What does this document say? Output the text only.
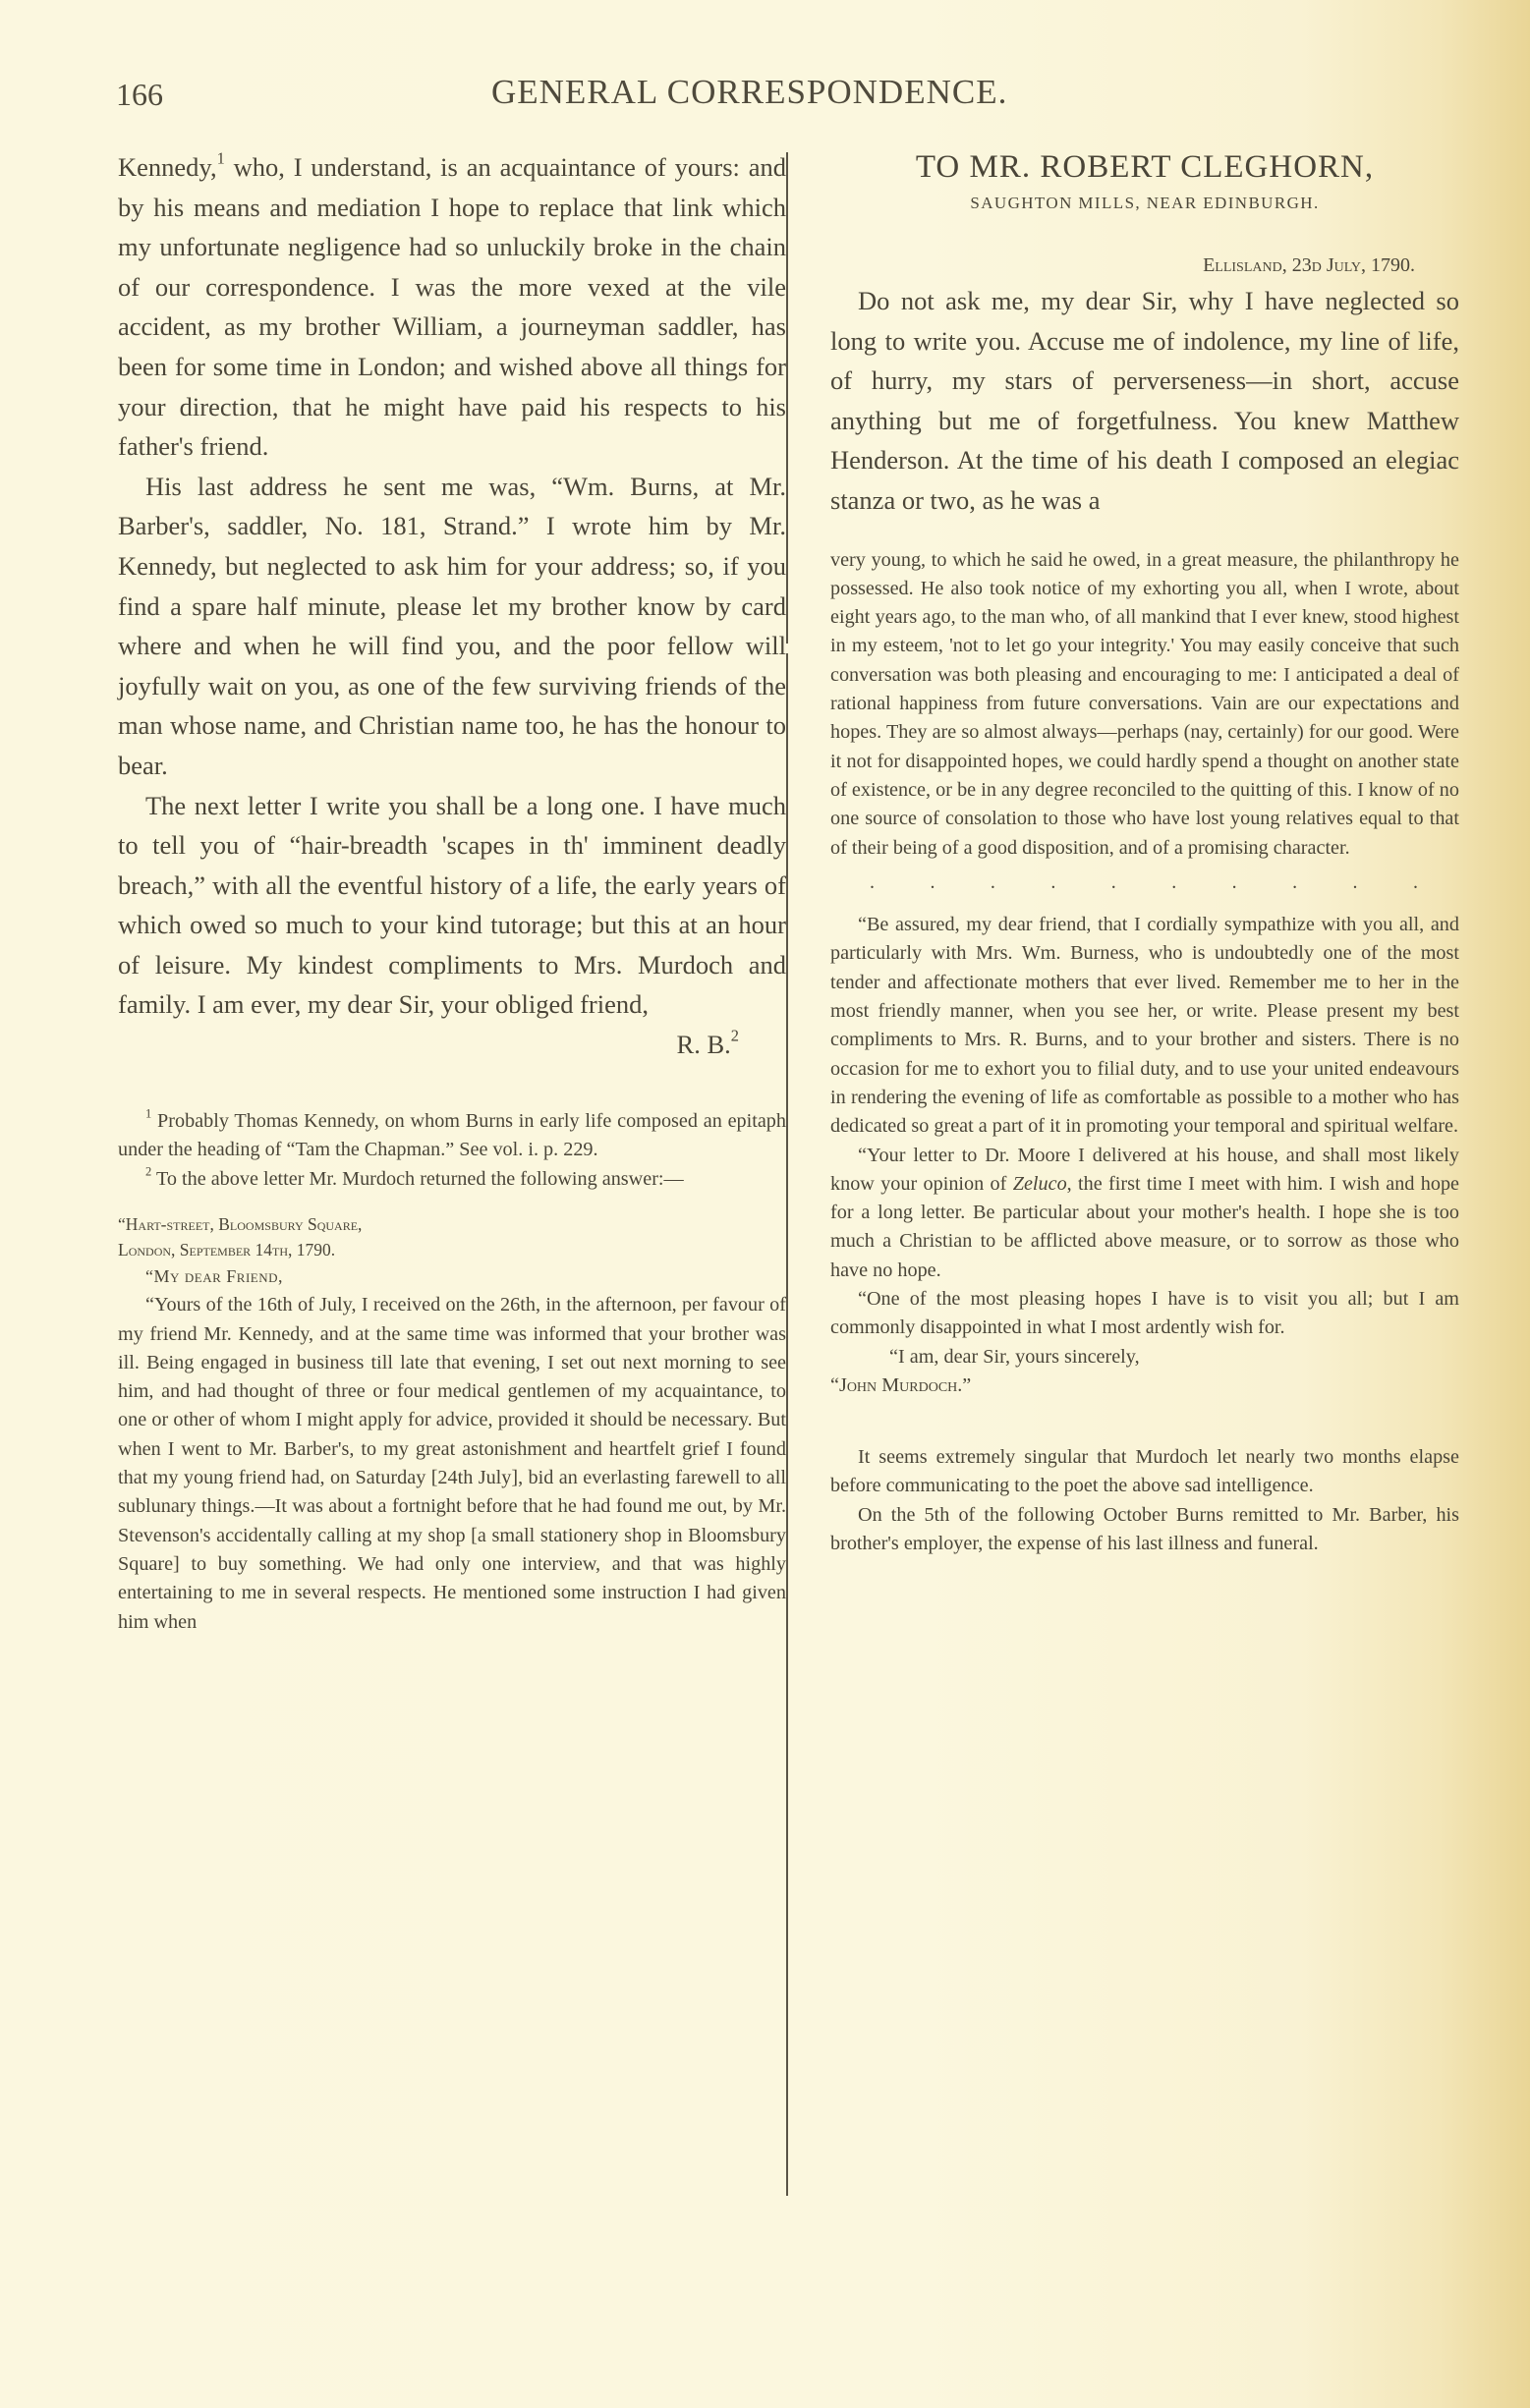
166	GENERAL CORRESPONDENCE.

Kennedy,$^1$ who, I understand, is an acquaintance of yours: and by his means and mediation I hope to replace that link which my unfortunate negligence had so unluckily broke in the chain of our correspondence. I was the more vexed at the vile accident, as my brother William, a journeyman saddler, has been for some time in London; and wished above all things for your direction, that he might have paid his respects to his father's friend.

His last address he sent me was, “Wm. Burns, at Mr. Barber's, saddler, No. 181, Strand.” I wrote him by Mr. Kennedy, but neglected to ask him for your address; so, if you find a spare half minute, please let my brother know by card where and when he will find you, and the poor fellow will joyfully wait on you, as one of the few surviving friends of the man whose name, and Christian name too, he has the honour to bear.

The next letter I write you shall be a long one. I have much to tell you of “hair-breadth 'scapes in th' imminent deadly breach,” with all the eventful history of a life, the early years of which owed so much to your kind tutorage; but this at an hour of leisure. My kindest compliments to Mrs. Murdoch and family. I am ever, my dear Sir, your obliged friend,

R. B.$^2$

$^1$ Probably Thomas Kennedy, on whom Burns in early life composed an epitaph under the heading of “Tam the Chapman.” See vol. i. p. 229.

$^2$ To the above letter Mr. Murdoch returned the following answer:—

“Hart-street, Bloomsbury Square,

London, September 14th, 1790.

“My dear Friend,

“Yours of the 16th of July, I received on the 26th, in the afternoon, per favour of my friend Mr. Kennedy, and at the same time was informed that your brother was ill. Being engaged in business till late that evening, I set out next morning to see him, and had thought of three or four medical gentlemen of my acquaintance, to one or other of whom I might apply for advice, provided it should be necessary. But when I went to Mr. Barber's, to my great astonishment and heartfelt grief I found that my young friend had, on Saturday [24th July], bid an everlasting farewell to all sublunary things.—It was about a fortnight before that he had found me out, by Mr. Stevenson's accidentally calling at my shop [a small stationery shop in Bloomsbury Square] to buy something. We had only one interview, and that was highly entertaining to me in several respects. He mentioned some instruction I had given him when

TO MR. ROBERT CLEGHORN,
SAUGHTON MILLS, NEAR EDINBURGH.
Ellisland, 23d July, 1790.

Do not ask me, my dear Sir, why I have neglected so long to write you. Accuse me of indolence, my line of life, of hurry, my stars of perverseness—in short, accuse anything but me of forgetfulness. You knew Matthew Henderson. At the time of his death I composed an elegiac stanza or two, as he was a

very young, to which he said he owed, in a great measure, the philanthropy he possessed. He also took notice of my exhorting you all, when I wrote, about eight years ago, to the man who, of all mankind that I ever knew, stood highest in my esteem, 'not to let go your integrity.' You may easily conceive that such conversation was both pleasing and encouraging to me: I anticipated a deal of rational happiness from future conversations. Vain are our expectations and hopes. They are so almost always—perhaps (nay, certainly) for our good. Were it not for disappointed hopes, we could hardly spend a thought on another state of existence, or be in any degree reconciled to the quitting of this. I know of no one source of consolation to those who have lost young relatives equal to that of their being of a good disposition, and of a promising character.

. . . . . . . . . .

“Be assured, my dear friend, that I cordially sympathize with you all, and particularly with Mrs. Wm. Burness, who is undoubtedly one of the most tender and affectionate mothers that ever lived. Remember me to her in the most friendly manner, when you see her, or write. Please present my best compliments to Mrs. R. Burns, and to your brother and sisters. There is no occasion for me to exhort you to filial duty, and to use your united endeavours in rendering the evening of life as comfortable as possible to a mother who has dedicated so great a part of it in promoting your temporal and spiritual welfare.

“Your letter to Dr. Moore I delivered at his house, and shall most likely know your opinion of Zeluco, the first time I meet with him. I wish and hope for a long letter. Be particular about your mother's health. I hope she is too much a Christian to be afflicted above measure, or to sorrow as those who have no hope.

“One of the most pleasing hopes I have is to visit you all; but I am commonly disappointed in what I most ardently wish for.

“I am, dear Sir, yours sincerely,

“John Murdoch.”

It seems extremely singular that Murdoch let nearly two months elapse before communicating to the poet the above sad intelligence.

On the 5th of the following October Burns remitted to Mr. Barber, his brother's employer, the expense of his last illness and funeral.
